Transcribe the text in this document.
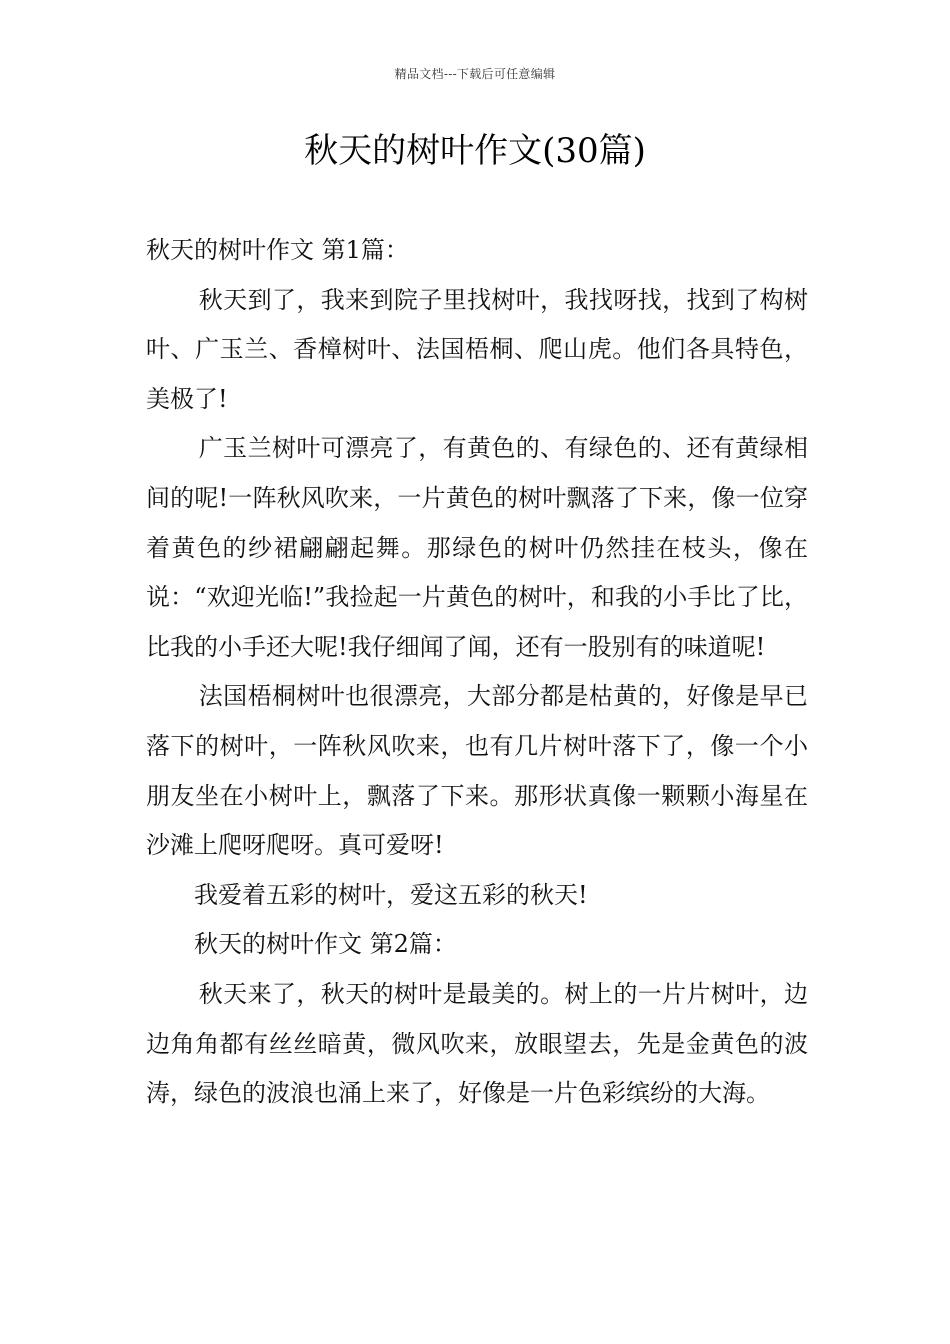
精品文档---下载后可任意编辑
秋天的树叶作文(30篇)

秋天的树叶作文 第1篇：

秋天到了，我来到院子里找树叶，我找呀找，找到了构树叶、广玉兰、香樟树叶、法国梧桐、爬山虎。他们各具特色，美极了!

广玉兰树叶可漂亮了，有黄色的、有绿色的、还有黄绿相间的呢!一阵秋风吹来，一片黄色的树叶飘落了下来，像一位穿着黄色的纱裙翩翩起舞。那绿色的树叶仍然挂在枝头，像在说：“欢迎光临!”我捡起一片黄色的树叶，和我的小手比了比，比我的小手还大呢!我仔细闻了闻，还有一股别有的味道呢!

法国梧桐树叶也很漂亮，大部分都是枯黄的，好像是早已落下的树叶，一阵秋风吹来，也有几片树叶落下了，像一个小朋友坐在小树叶上，飘落了下来。那形状真像一颗颗小海星在沙滩上爬呀爬呀。真可爱呀!

我爱着五彩的树叶，爱这五彩的秋天!

秋天的树叶作文 第2篇：

秋天来了，秋天的树叶是最美的。树上的一片片树叶，边边角角都有丝丝暗黄，微风吹来，放眼望去，先是金黄色的波涛，绿色的波浪也涌上来了，好像是一片色彩缤纷的大海。
